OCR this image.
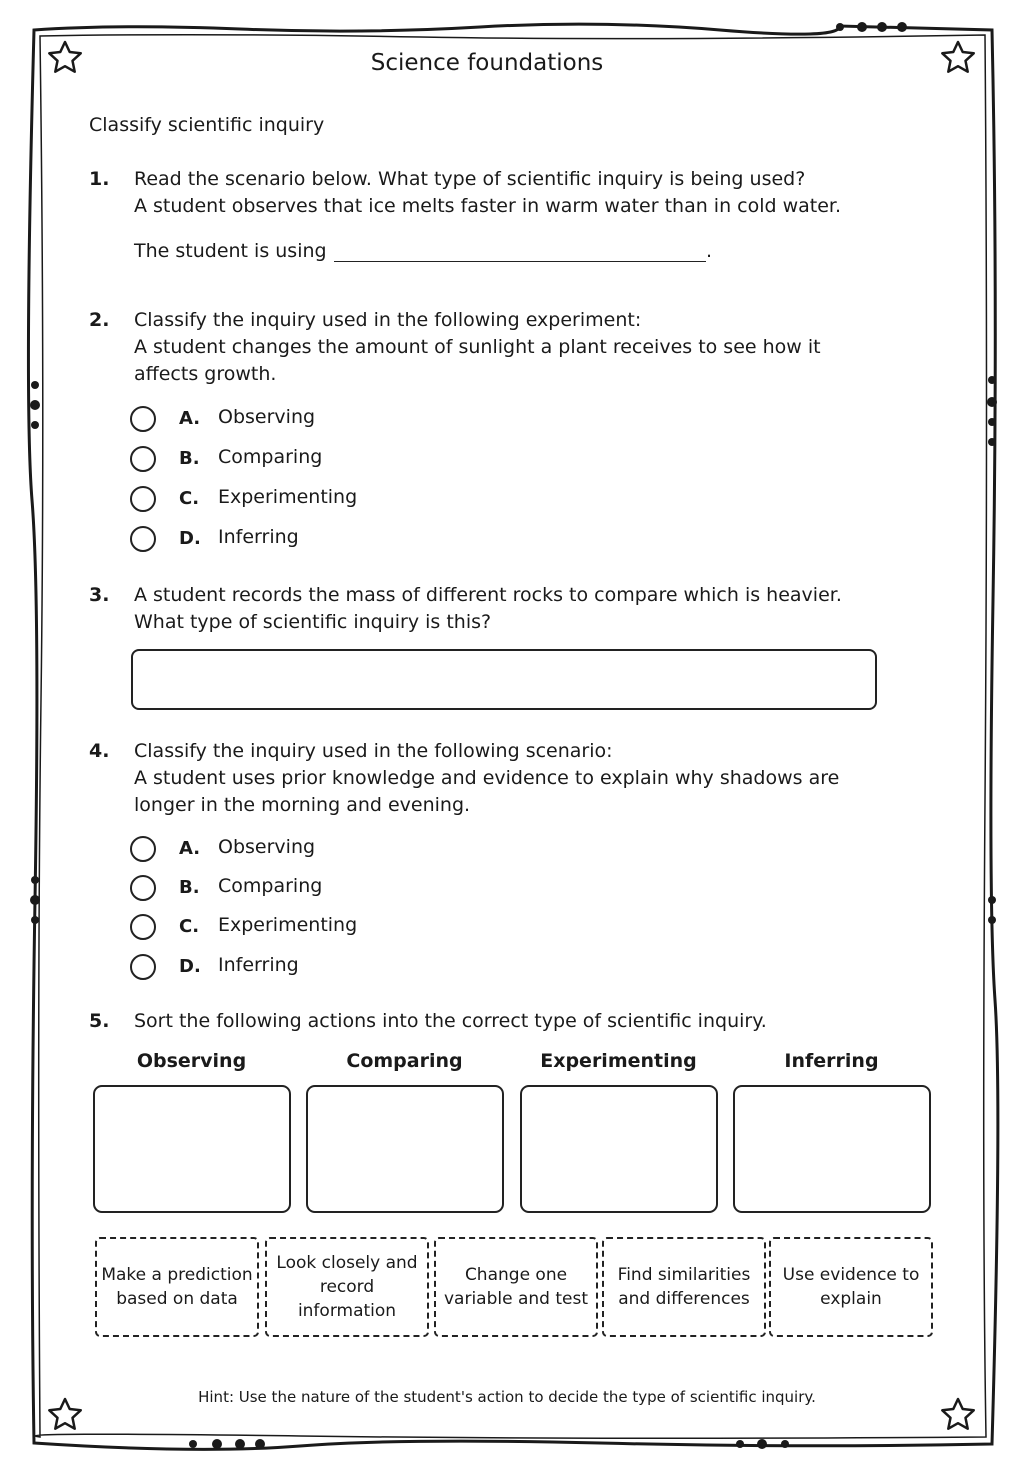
Science foundations
Classify scientific inquiry
1. Read the scenario below. What type of scientific inquiry is being used?
A student observes that ice melts faster in warm water than in cold water.
The student is using	.
2. Classify the inquiry used in the following experiment:
A student changes the amount of sunlight a plant receives to see how it
affects growth.
A. Observing
B. Comparing
C. Experimenting
D. Inferring
3. A student records the mass of different rocks to compare which is heavier.
What type of scientific inquiry is this?
4. Classify the inquiry used in the following scenario:
A student uses prior knowledge and evidence to explain why shadows are
longer in the morning and evening.
A. Observing
B. Comparing
C. Experimenting
D. Inferring
5. Sort the following actions into the correct type of scientific inquiry.
Observing	Comparing	Experimenting	Inferring
Make a prediction based on data
Look closely and record information
Change one variable and test
Find similarities and differences
Use evidence to explain
Hint: Use the nature of the student's action to decide the type of scientific inquiry.
